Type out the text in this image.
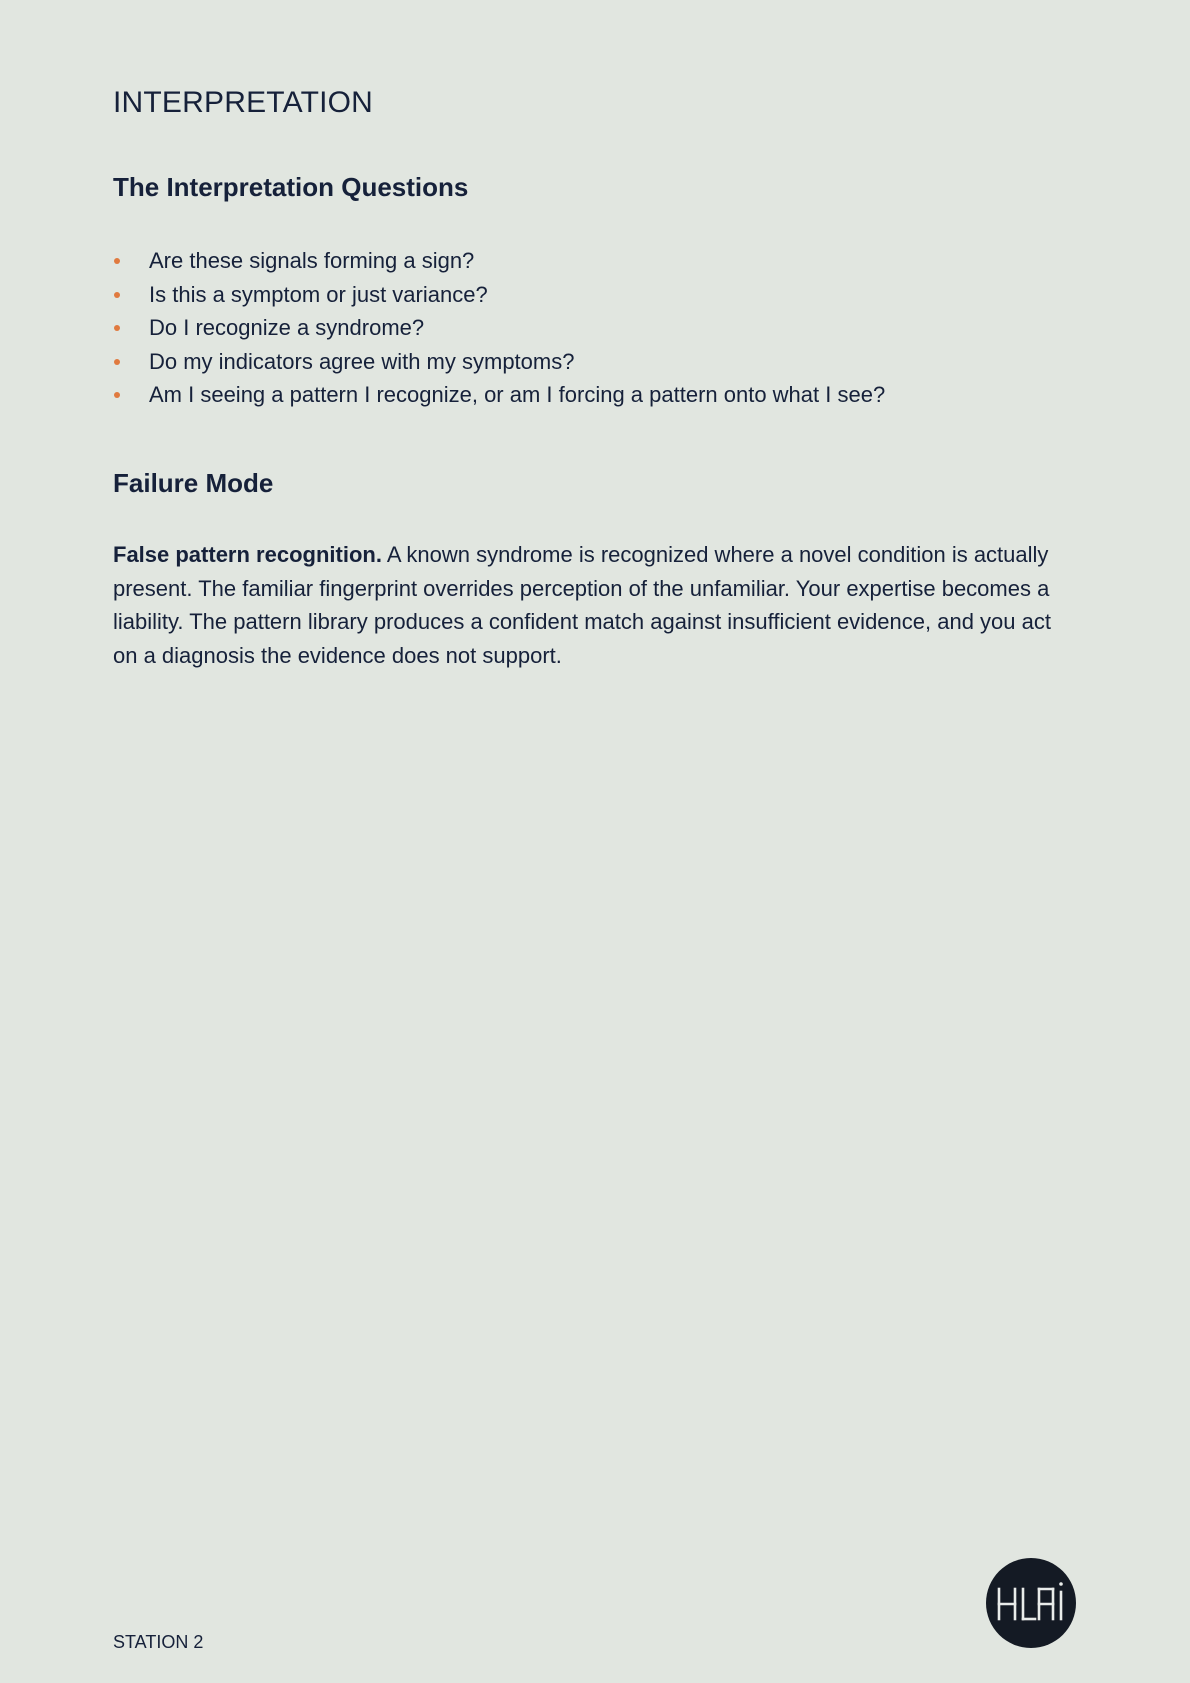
INTERPRETATION
The Interpretation Questions
Are these signals forming a sign?
Is this a symptom or just variance?
Do I recognize a syndrome?
Do my indicators agree with my symptoms?
Am I seeing a pattern I recognize, or am I forcing a pattern onto what I see?
Failure Mode

False pattern recognition. A known syndrome is recognized where a novel condition is actually present. The familiar fingerprint overrides perception of the unfamiliar. Your expertise becomes a liability. The pattern library produces a confident match against insufficient evidence, and you act on a diagnosis the evidence does not support.

STATION 2
